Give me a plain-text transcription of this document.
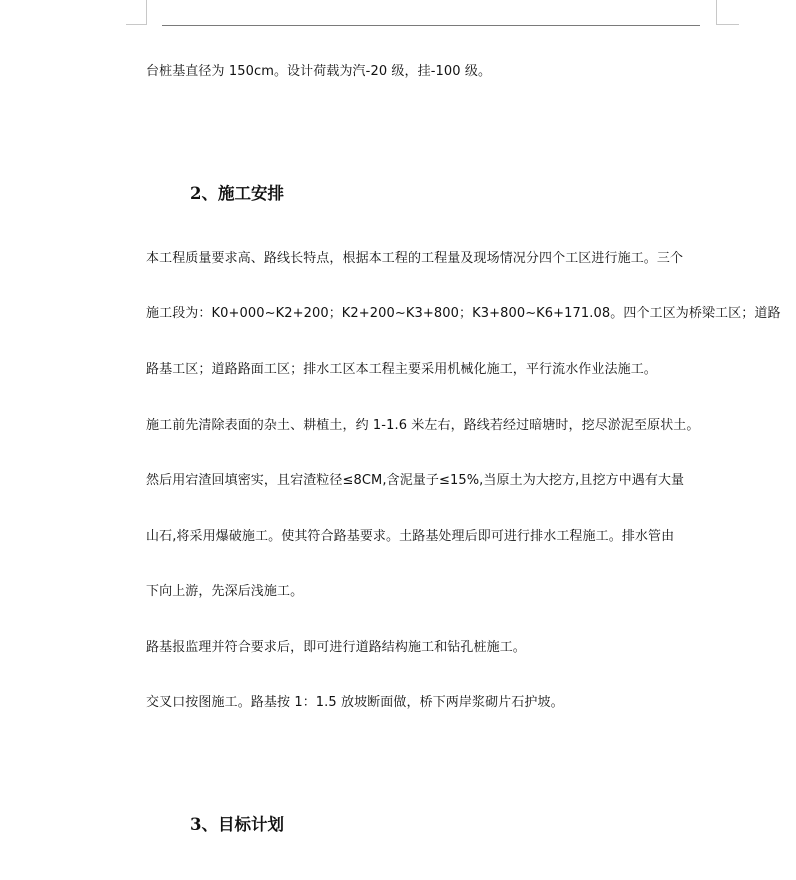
台桩基直径为 150cm。设计荷载为汽-20 级，挂-100 级。
2、施工安排
本工程质量要求高、路线长特点，根据本工程的工程量及现场情况分四个工区进行施工。三个
施工段为：K0+000~K2+200；K2+200~K3+800；K3+800~K6+171.08。四个工区为桥梁工区；道路
路基工区；道路路面工区；排水工区本工程主要采用机械化施工，平行流水作业法施工。
施工前先清除表面的杂土、耕植土，约 1-1.6 米左右，路线若经过暗塘时，挖尽淤泥至原状土。
然后用宕渣回填密实，且宕渣粒径≤8CM,含泥量子≤15%,当原土为大挖方,且挖方中遇有大量
山石,将采用爆破施工。使其符合路基要求。土路基处理后即可进行排水工程施工。排水管由
下向上游，先深后浅施工。
路基报监理并符合要求后，即可进行道路结构施工和钻孔桩施工。
交叉口按图施工。路基按 1：1.5 放坡断面做，桥下两岸浆砌片石护坡。
3、目标计划
